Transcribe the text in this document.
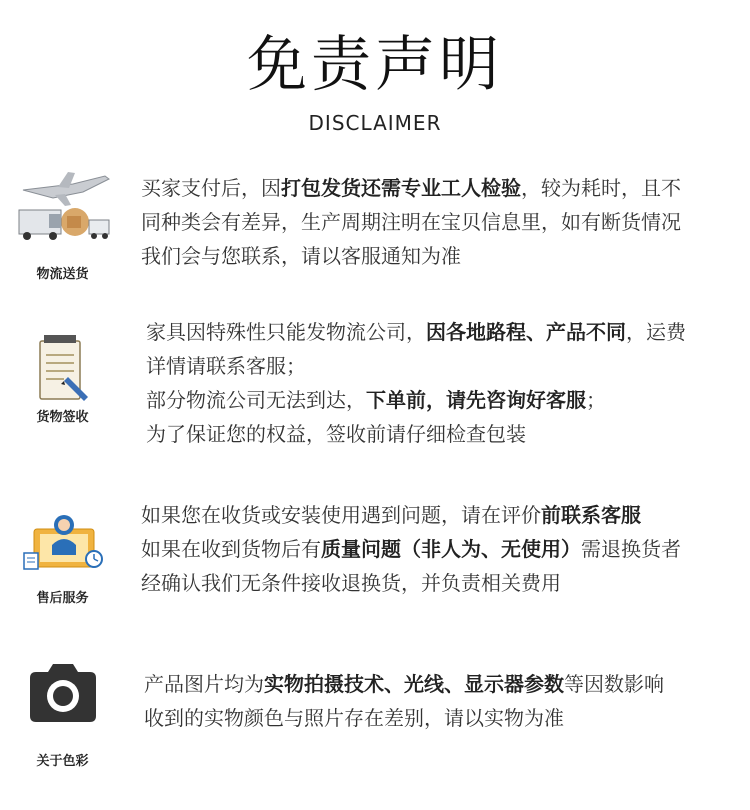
免责声明
DISCLAIMER
物流送货

买家支付后，因打包发货还需专业工人检验，较为耗时，且不

同种类会有差异，生产周期注明在宝贝信息里，如有断货情况

我们会与您联系，请以客服通知为准

货物签收

家具因特殊性只能发物流公司，因各地路程、产品不同，运费

详情请联系客服；

部分物流公司无法到达，下单前，请先咨询好客服；

为了保证您的权益，签收前请仔细检查包装

售后服务

如果您在收货或安装使用遇到问题，请在评价前联系客服

如果在收到货物后有质量问题（非人为、无使用）需退换货者

经确认我们无条件接收退换货，并负责相关费用

关于色彩

产品图片均为实物拍摄技术、光线、显示器参数等因数影响

收到的实物颜色与照片存在差别，请以实物为准
